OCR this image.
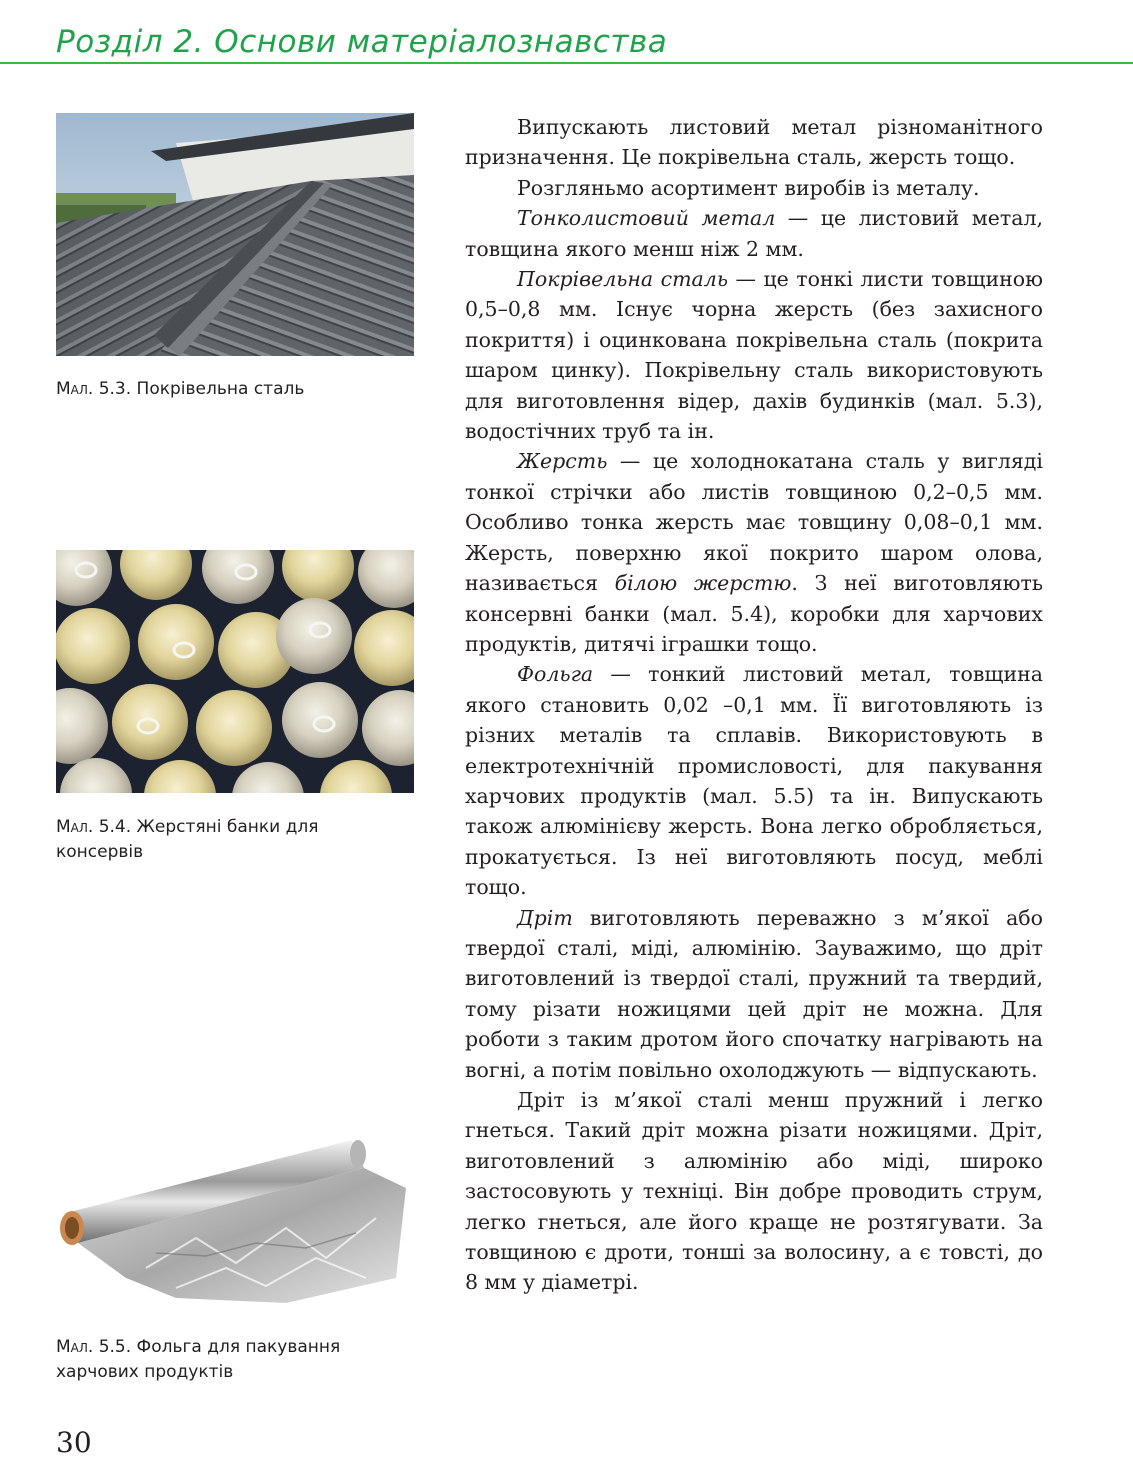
Розділ 2. Основи матеріалознавства
Мал. 5.3. Покрівельна сталь
Мал. 5.4. Жерстяні банки для консервів
Мал. 5.5. Фольга для пакування харчових продуктів

Випускають листовий метал різноманітного призначення. Це покрівельна сталь, жерсть тощо.

Розгляньмо асортимент виробів із металу.

Тонколистовий метал — це листовий метал, товщина якого менш ніж 2 мм.

Покрівельна сталь — це тонкі листи товщиною 0,5–0,8 мм. Існує чорна жерсть (без захисного покриття) і оцинкована покрівельна сталь (покрита шаром цинку). Покрівельну сталь використовують для виготовлення відер, дахів будинків (мал. 5.3), водостічних труб та ін.

Жерсть — це холоднокатана сталь у вигляді тонкої стрічки або листів товщиною 0,2–0,5 мм. Особливо тонка жерсть має товщину 0,08–0,1 мм. Жерсть, поверхню якої покрито шаром олова, називається білою жерстю. З неї виготовляють консервні банки (мал. 5.4), коробки для харчових продуктів, дитячі іграшки тощо.

Фольга — тонкий листовий метал, товщина якого становить 0,02 –0,1 мм. Її виготовляють із різних металів та сплавів. Використовують в електротехнічній промисловості, для пакування харчових продуктів (мал. 5.5) та ін. Випускають також алюмінієву жерсть. Вона легко обробляється, прокатується. Із неї виготовляють посуд, меблі тощо.

Дріт виготовляють переважно з м’якої або твердої сталі, міді, алюмінію. Зауважимо, що дріт виготовлений із твердої сталі, пружний та твердий, тому різати ножицями цей дріт не можна. Для роботи з таким дротом його спочатку нагрівають на вогні, а потім повільно охолоджують — відпускають.

Дріт із м’якої сталі менш пружний і легко гнеться. Такий дріт можна різати ножицями. Дріт, виготовлений з алюмінію або міді, широко застосовують у техніці. Він добре проводить струм, легко гнеться, але його краще не розтягувати. За товщиною є дроти, тонші за волосину, а є товсті, до 8 мм у діаметрі.

30
